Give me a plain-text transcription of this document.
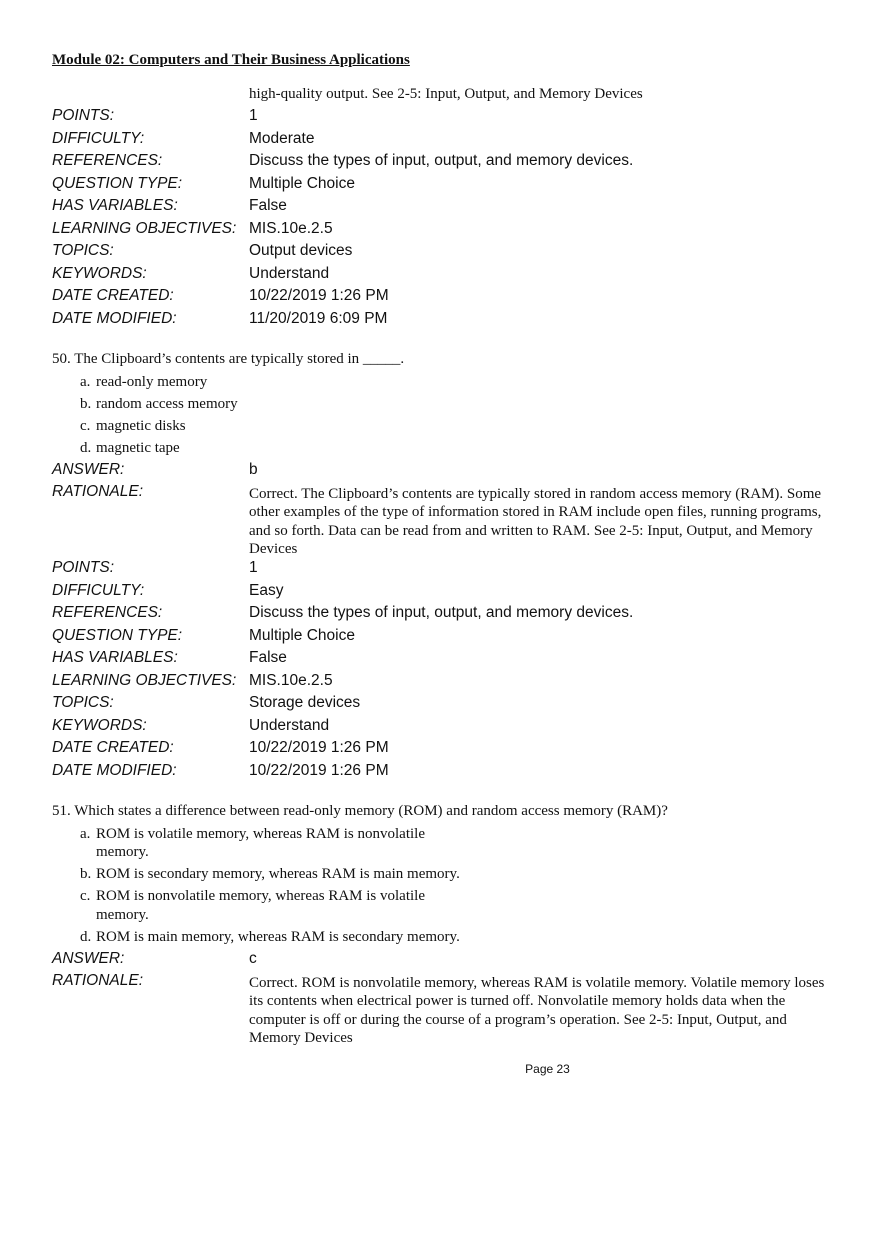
Module 02: Computers and Their Business Applications
high-quality output. See 2-5: Input, Output, and Memory Devices
POINTS:	1
DIFFICULTY:	Moderate
REFERENCES:	Discuss the types of input, output, and memory devices.
QUESTION TYPE:	Multiple Choice
HAS VARIABLES:	False
LEARNING OBJECTIVES: MIS.10e.2.5
TOPICS:	Output devices
KEYWORDS:	Understand
DATE CREATED:	10/22/2019 1:26 PM
DATE MODIFIED:	11/20/2019 6:09 PM
50. The Clipboard’s contents are typically stored in _____.
a. read-only memory
b. random access memory
c. magnetic disks
d. magnetic tape
ANSWER:	b
RATIONALE:	Correct. The Clipboard’s contents are typically stored in random access memory (RAM). Some other examples of the type of information stored in RAM include open files, running programs, and so forth. Data can be read from and written to RAM. See 2-5: Input, Output, and Memory Devices
POINTS:	1
DIFFICULTY:	Easy
REFERENCES:	Discuss the types of input, output, and memory devices.
QUESTION TYPE:	Multiple Choice
HAS VARIABLES:	False
LEARNING OBJECTIVES: MIS.10e.2.5
TOPICS:	Storage devices
KEYWORDS:	Understand
DATE CREATED:	10/22/2019 1:26 PM
DATE MODIFIED:	10/22/2019 1:26 PM
51. Which states a difference between read-only memory (ROM) and random access memory (RAM)?
a. ROM is volatile memory, whereas RAM is nonvolatile memory.
b. ROM is secondary memory, whereas RAM is main memory.
c. ROM is nonvolatile memory, whereas RAM is volatile memory.
d. ROM is main memory, whereas RAM is secondary memory.
ANSWER:	c
RATIONALE:	Correct. ROM is nonvolatile memory, whereas RAM is volatile memory. Volatile memory loses its contents when electrical power is turned off. Nonvolatile memory holds data when the computer is off or during the course of a program’s operation. See 2-5: Input, Output, and Memory Devices
Page 23
